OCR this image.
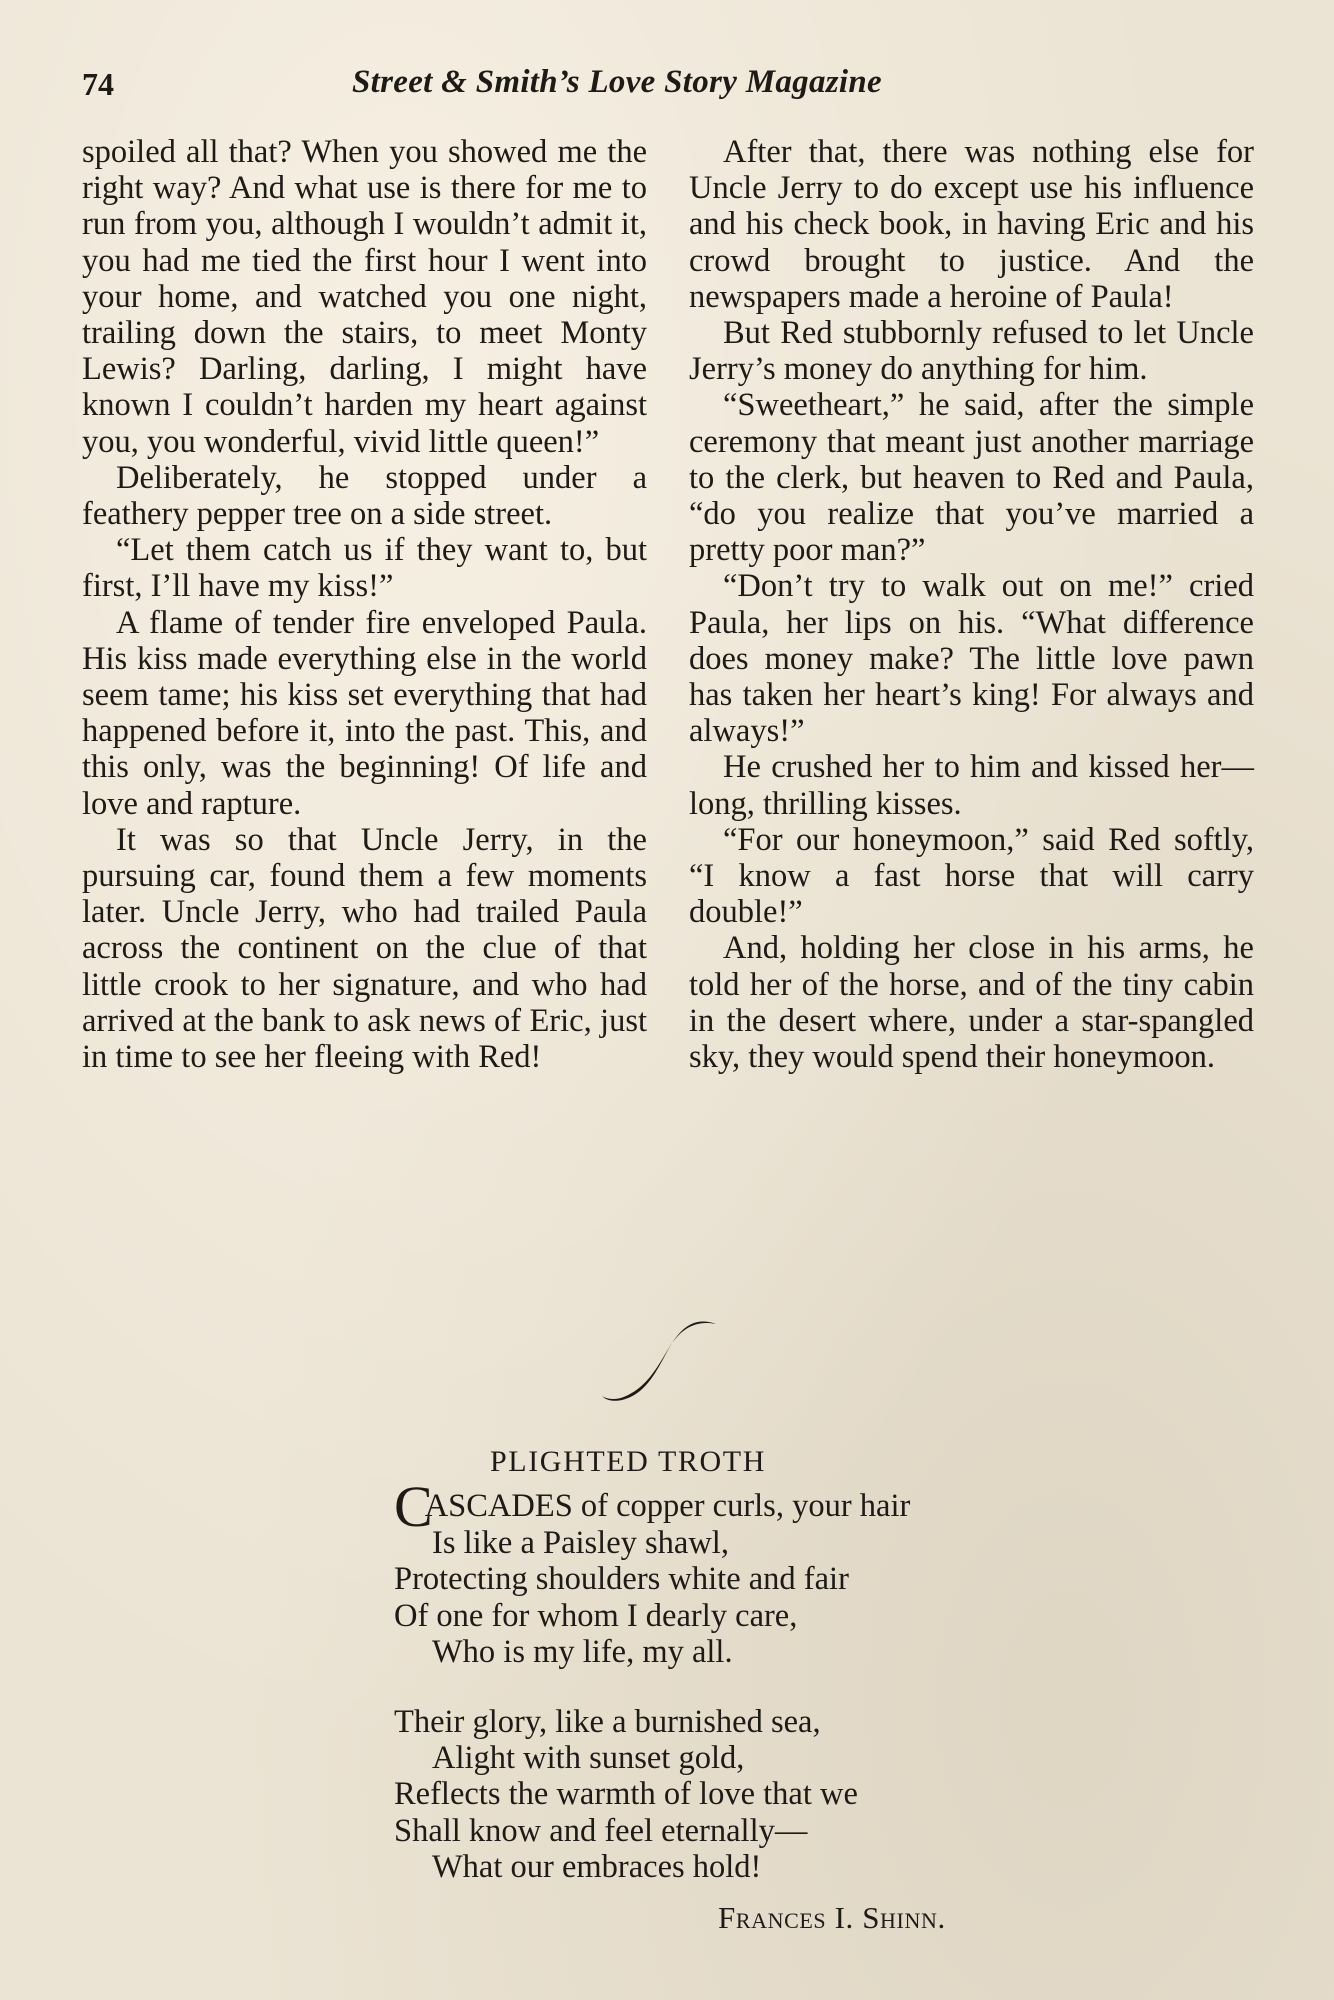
74	Street & Smith’s Love Story Magazine

spoiled all that? When you showed me the right way? And what use is there for me to run from you, although I wouldn’t admit it, you had me tied the first hour I went into your home, and watched you one night, trailing down the stairs, to meet Monty Lewis? Darling, darling, I might have known I couldn’t harden my heart against you, you wonderful, vivid little queen!”

Deliberately, he stopped under a feathery pepper tree on a side street.

“Let them catch us if they want to, but first, I’ll have my kiss!”

A flame of tender fire enveloped Paula. His kiss made everything else in the world seem tame; his kiss set everything that had happened before it, into the past. This, and this only, was the beginning! Of life and love and rapture.

It was so that Uncle Jerry, in the pursuing car, found them a few moments later. Uncle Jerry, who had trailed Paula across the continent on the clue of that little crook to her signature, and who had arrived at the bank to ask news of Eric, just in time to see her fleeing with Red!

After that, there was nothing else for Uncle Jerry to do except use his influence and his check book, in having Eric and his crowd brought to justice. And the newspapers made a heroine of Paula!

But Red stubbornly refused to let Uncle Jerry’s money do anything for him.

“Sweetheart,” he said, after the simple ceremony that meant just another marriage to the clerk, but heaven to Red and Paula, “do you realize that you’ve married a pretty poor man?”

“Don’t try to walk out on me!” cried Paula, her lips on his. “What difference does money make? The little love pawn has taken her heart’s king! For always and always!”

He crushed her to him and kissed her—long, thrilling kisses.

“For our honeymoon,” said Red softly, “I know a fast horse that will carry double!”

And, holding her close in his arms, he told her of the horse, and of the tiny cabin in the desert where, under a star-spangled sky, they would spend their honeymoon.

PLIGHTED TROTH
CASCADES of copper curls, your hair
Is like a Paisley shawl,
Protecting shoulders white and fair
Of one for whom I dearly care,
Who is my life, my all.
Their glory, like a burnished sea,
Alight with sunset gold,
Reflects the warmth of love that we
Shall know and feel eternally—
What our embraces hold!
Frances I. Shinn.
